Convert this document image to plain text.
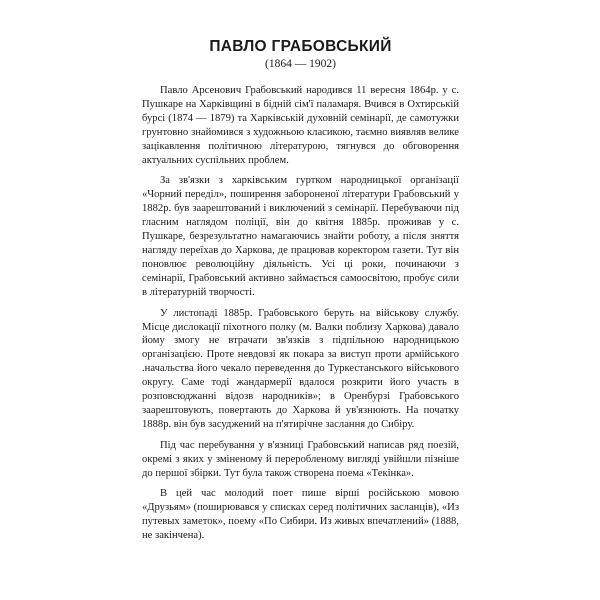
ПАВЛО ГРАБОВСЬКИЙ
(1864 — 1902)

Павло Арсенович Грабовський народився 11 вересня 1864р. у с. Пушкаре на Харківщині в бідній сім'ї паламаря. Вчився в Охтирській бурсі (1874 — 1879) та Харківській духовній семінарії, де самотужки грунтовно знайомився з художньою класикою, таємно виявляв велике зацікавлення політичною літературою, тягнувся до обговорення актуальних суспільних проблем.

За зв'язки з харківським гуртком народницької організації «Чорний переділ», поширення забороненої літератури Грабовський у 1882р. був заарештований і виключений з семінарії. Перебуваючи під гласним наглядом поліції, він до квітня 1885р. проживав у с. Пушкаре, безрезультатно намагаючись знайти роботу, а після зняття нагляду переїхав до Харкова, де працював коректором газети. Тут він поновлює революційну діяльність. Усі ці роки, починаючи з семінарії, Грабовський активно займається самоосвітою, пробує сили в літературній творчості.

У листопаді 1885р. Грабовського беруть на військову службу. Місце дислокації піхотного полку (м. Валки поблизу Харкова) давало йому змогу не втрачати зв'язків з підпільною народницькою організацією. Проте невдовзі як покара за виступ проти армійського .начальства його чекало переведення до Туркестанського військового округу. Саме тоді жандармерії вдалося розкрити його участь в розповсюджанні відозв народників»; в Оренбурзі Грабовського заарештовують, повертають до Харкова й ув'язнюють. На початку 1888р. він був засуджений на п'ятирічне заслання до Сибіру.

Під час перебування у в'язниці Грабовський написав ряд поезій, окремі з яких у зміненому й переробленому вигляді увійшли пізніше до першої збірки. Тут була також створена поема «Текінка».

В цей час молодий поет пише вірші російською мовою «Друзьям» (поширювався у списках серед політичних засланців), «Из путевых заметок», поему «По Сибири. Из живых впечатлений» (1888, не закінчена).
